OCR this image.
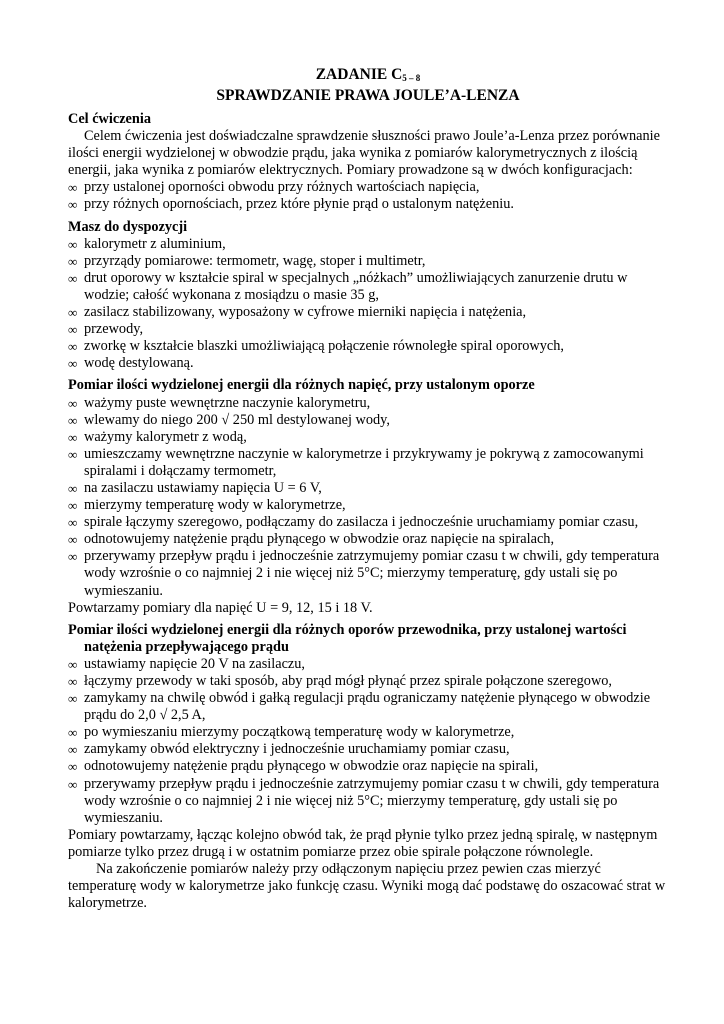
ZADANIE $C_{5 - 8}$
SPRAWDZANIE PRAWA JOULE’A-LENZA
Cel ćwiczenia

Celem ćwiczenia jest doświadczalne sprawdzenie słuszności prawo Joule’a-Lenza przez porównanie ilości energii wydzielonej w obwodzie prądu, jaka wynika z pomiarów kalorymetrycznych z ilością energii, jaka wynika z pomiarów elektrycznych. Pomiary prowadzone są w dwóch konfiguracjach:

∞ przy ustalonej oporności obwodu przy różnych wartościach napięcia,
∞ przy różnych opornościach, przez które płynie prąd o ustalonym natężeniu.
Masz do dyspozycji
∞ kalorymetr z aluminium,
∞ przyrządy pomiarowe: termometr, wagę, stoper i multimetr,
∞ drut oporowy w kształcie spiral w specjalnych „nóżkach” umożliwiających zanurzenie drutu w wodzie; całość wykonana z mosiądzu o masie 35 g,
∞ zasilacz stabilizowany, wyposażony w cyfrowe mierniki napięcia i natężenia,
∞ przewody,
∞ zworkę w kształcie blaszki umożliwiającą połączenie równoległe spiral oporowych,
∞ wodę destylowaną.
Pomiar ilości wydzielonej energii dla różnych napięć, przy ustalonym oporze
∞ ważymy puste wewnętrzne naczynie kalorymetru,
∞ wlewamy do niego 200 √ 250 ml destylowanej wody,
∞ ważymy kalorymetr z wodą,
∞ umieszczamy wewnętrzne naczynie w kalorymetrze i przykrywamy je pokrywą z zamocowanymi spiralami i dołączamy termometr,
∞ na zasilaczu ustawiamy napięcia U = 6 V,
∞ mierzymy temperaturę wody w kalorymetrze,
∞ spirale łączymy szeregowo, podłączamy do zasilacza i jednocześnie uruchamiamy pomiar czasu,
∞ odnotowujemy natężenie prądu płynącego w obwodzie oraz napięcie na spiralach,
∞ przerywamy przepływ prądu i jednocześnie zatrzymujemy pomiar czasu t w chwili, gdy temperatura wody wzrośnie o co najmniej 2 i nie więcej niż 5°C; mierzymy temperaturę, gdy ustali się po wymieszaniu.

Powtarzamy pomiary dla napięć U = 9, 12, 15 i 18 V.

Pomiar ilości wydzielonej energii dla różnych oporów przewodnika, przy ustalonej wartości natężenia przepływającego prądu
∞ ustawiamy napięcie 20 V na zasilaczu,
∞ łączymy przewody w taki sposób, aby prąd mógł płynąć przez spirale połączone szeregowo,
∞ zamykamy na chwilę obwód i gałką regulacji prądu ograniczamy natężenie płynącego w obwodzie prądu do 2,0 √ 2,5 A,
∞ po wymieszaniu mierzymy początkową temperaturę wody w kalorymetrze,
∞ zamykamy obwód elektryczny i jednocześnie uruchamiamy pomiar czasu,
∞ odnotowujemy natężenie prądu płynącego w obwodzie oraz napięcie na spirali,
∞ przerywamy przepływ prądu i jednocześnie zatrzymujemy pomiar czasu t w chwili, gdy temperatura wody wzrośnie o co najmniej 2 i nie więcej niż 5°C; mierzymy temperaturę, gdy ustali się po wymieszaniu.

Pomiary powtarzamy, łącząc kolejno obwód tak, że prąd płynie tylko przez jedną spiralę, w następnym pomiarze tylko przez drugą i w ostatnim pomiarze przez obie spirale połączone równolegle.

Na zakończenie pomiarów należy przy odłączonym napięciu przez pewien czas mierzyć temperaturę wody w kalorymetrze jako funkcję czasu. Wyniki mogą dać podstawę do oszacować strat w kalorymetrze.
